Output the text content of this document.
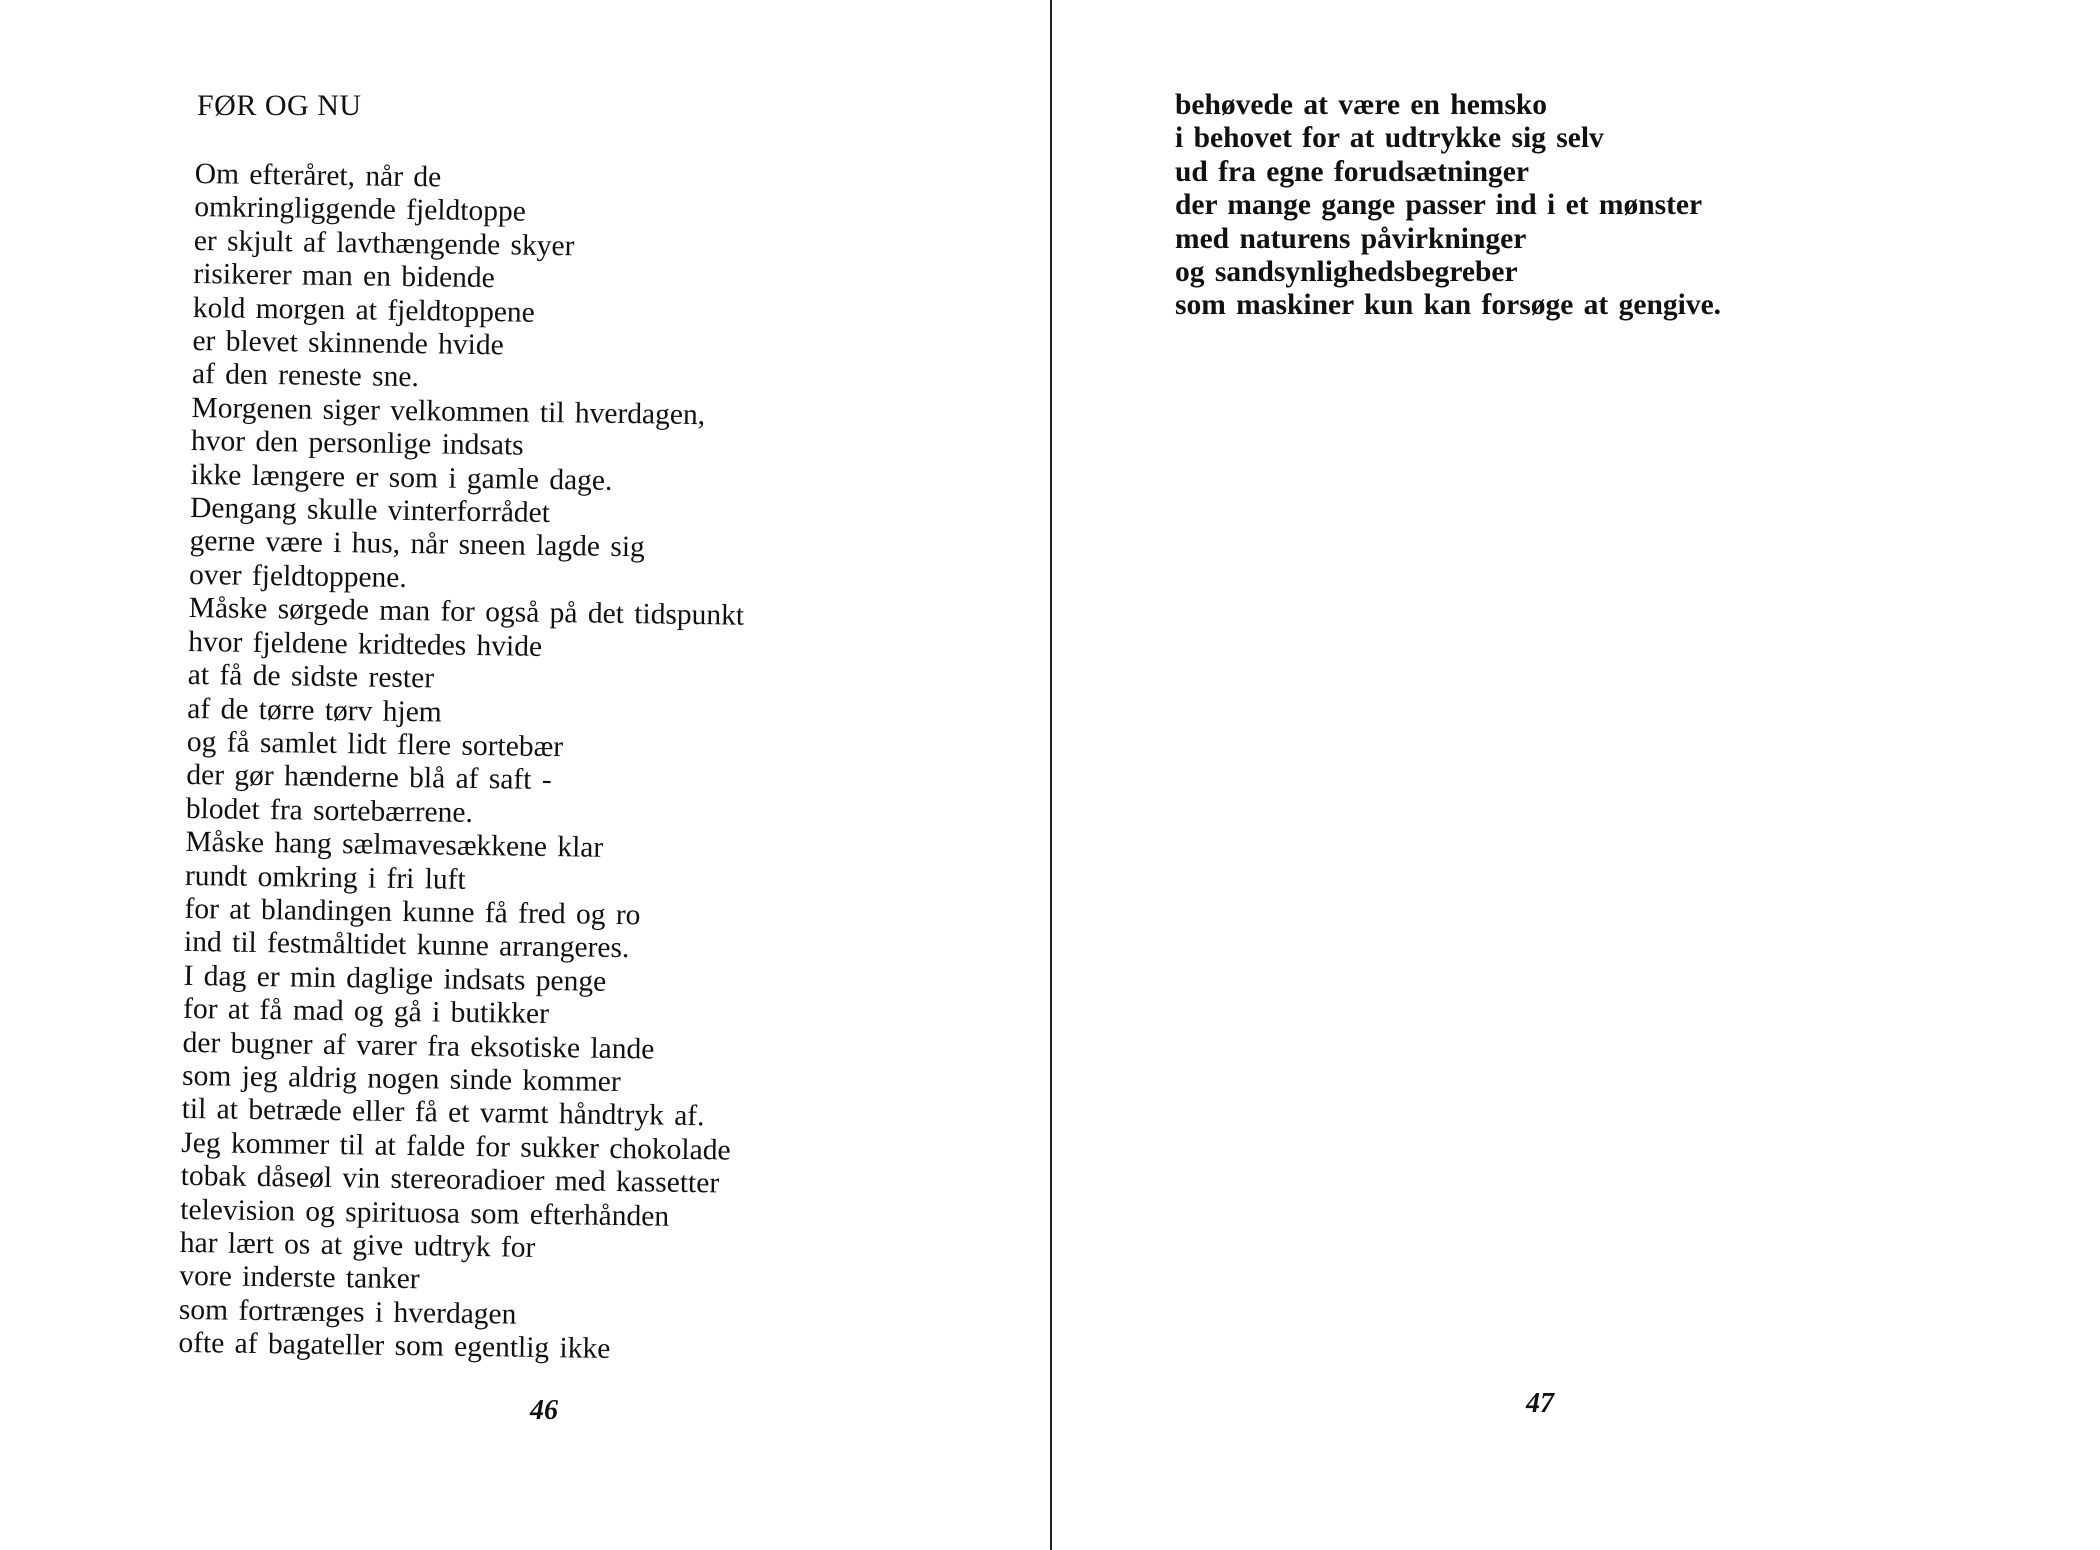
FØR OG NU
Om efteråret, når de
omkringliggende fjeldtoppe
er skjult af lavthængende skyer
risikerer man en bidende
kold morgen at fjeldtoppene
er blevet skinnende hvide
af den reneste sne.
Morgenen siger velkommen til hverdagen,
hvor den personlige indsats
ikke længere er som i gamle dage.
Dengang skulle vinterforrådet
gerne være i hus, når sneen lagde sig
over fjeldtoppene.
Måske sørgede man for også på det tidspunkt
hvor fjeldene kridtedes hvide
at få de sidste rester
af de tørre tørv hjem
og få samlet lidt flere sortebær
der gør hænderne blå af saft -
blodet fra sortebærrene.
Måske hang sælmavesækkene klar
rundt omkring i fri luft
for at blandingen kunne få fred og ro
ind til festmåltidet kunne arrangeres.
I dag er min daglige indsats penge
for at få mad og gå i butikker
der bugner af varer fra eksotiske lande
som jeg aldrig nogen sinde kommer
til at betræde eller få et varmt håndtryk af.
Jeg kommer til at falde for sukker chokolade
tobak dåseøl vin stereoradioer med kassetter
television og spirituosa som efterhånden
har lært os at give udtryk for
vore inderste tanker
som fortrænges i hverdagen
ofte af bagateller som egentlig ikke
46
behøvede at være en hemsko
i behovet for at udtrykke sig selv
ud fra egne forudsætninger
der mange gange passer ind i et mønster
med naturens påvirkninger
og sandsynlighedsbegreber
som maskiner kun kan forsøge at gengive.
47
